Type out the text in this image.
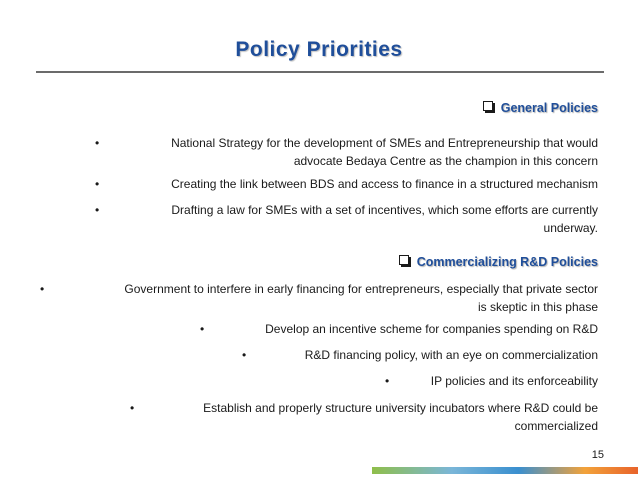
Policy Priorities
General Policies
•	National Strategy for the development of SMEs and Entrepreneurship that would
advocate Bedaya Centre as the champion in this concern
•	Creating the link between BDS and access to finance in a structured mechanism
•	Drafting a law for SMEs with a set of incentives, which some efforts are currently
underway.
Commercializing R&D Policies
•	Government to interfere in early financing for entrepreneurs, especially that private sector
is skeptic in this phase
•	Develop an incentive scheme for companies spending on R&D
•	R&D financing policy, with an eye on commercialization
•	IP policies and its enforceability
•	Establish and properly structure university incubators where R&D could be
commercialized
15
